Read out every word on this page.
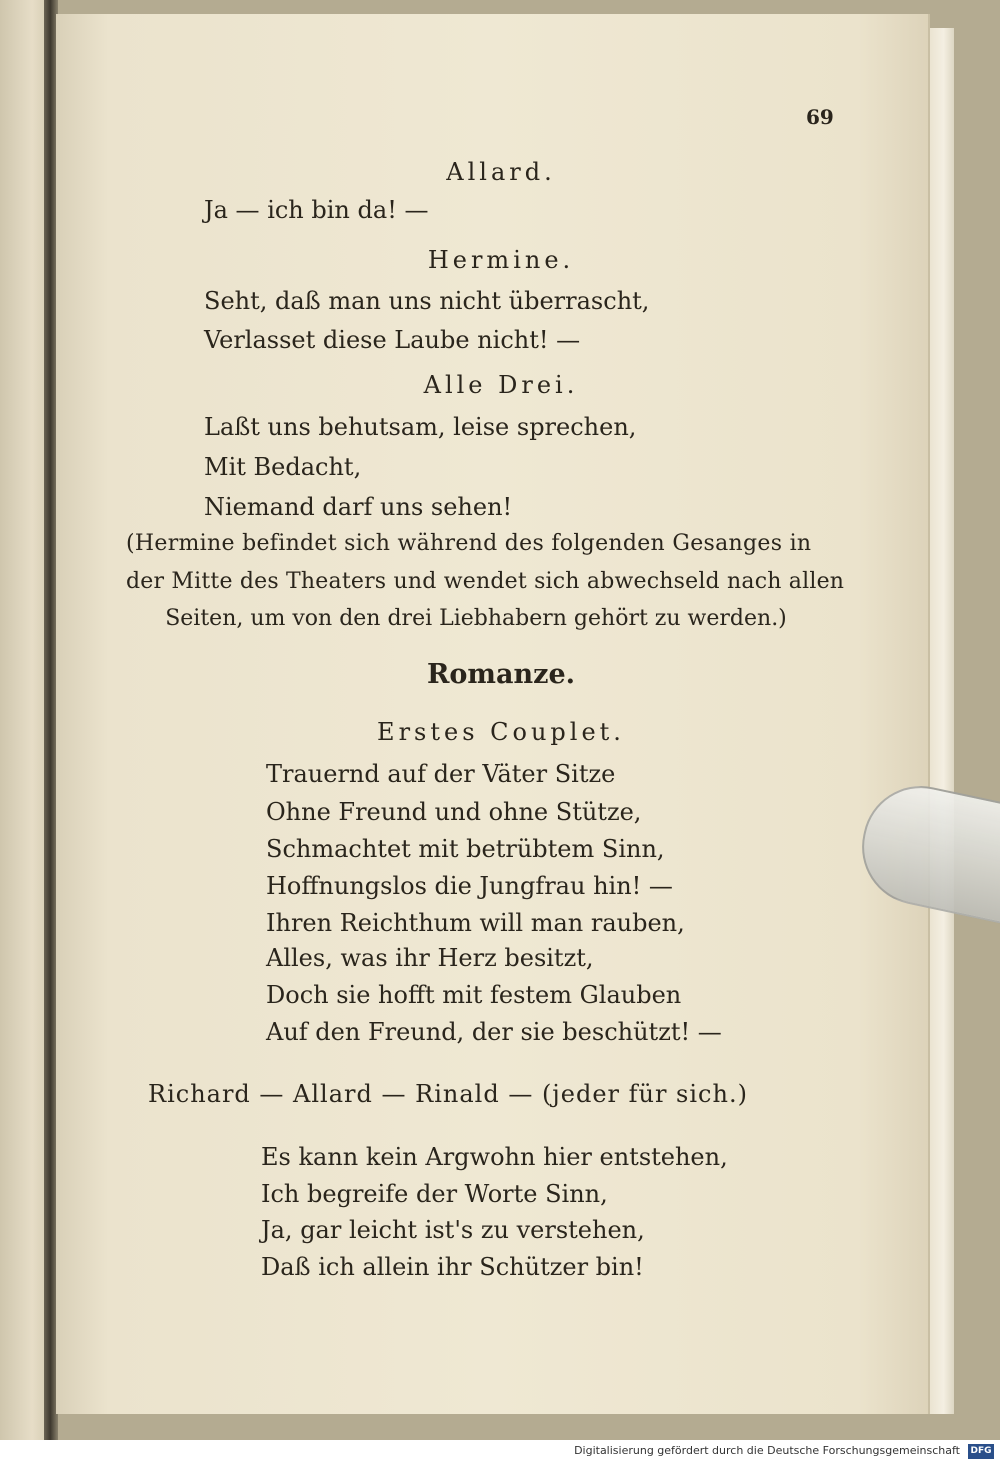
69
Allard.
Ja — ich bin da! —
Hermine.
Seht, daß man uns nicht überrascht,
Verlasset diese Laube nicht! —
Alle Drei.
Laßt uns behutsam, leise sprechen,
Mit Bedacht,
Niemand darf uns sehen!
(Hermine befindet sich während des folgenden Gesanges in
der Mitte des Theaters und wendet sich abwechseld nach allen
Seiten, um von den drei Liebhabern gehört zu werden.)
Romanze.
Erstes Couplet.
Trauernd auf der Väter Sitze
Ohne Freund und ohne Stütze,
Schmachtet mit betrübtem Sinn,
Hoffnungslos die Jungfrau hin! —
Ihren Reichthum will man rauben,
Alles, was ihr Herz besitzt,
Doch sie hofft mit festem Glauben
Auf den Freund, der sie beschützt! —
Richard — Allard — Rinald — (jeder für sich.)
Es kann kein Argwohn hier entstehen,
Ich begreife der Worte Sinn,
Ja, gar leicht ist's zu verstehen,
Daß ich allein ihr Schützer bin!
Digitalisierung gefördert durch die Deutsche Forschungsgemeinschaft DFG
